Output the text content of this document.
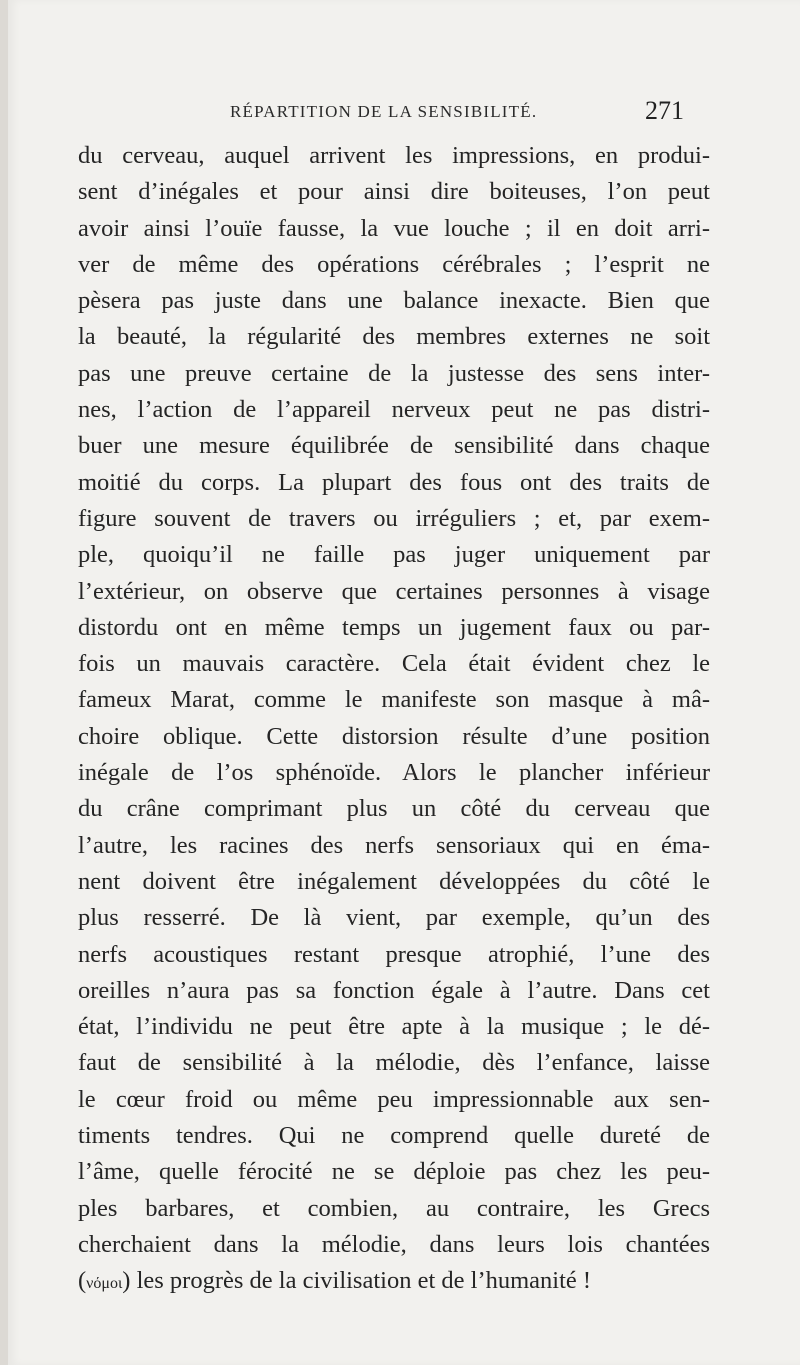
RÉPARTITION DE LA SENSIBILITÉ.	271
du cerveau, auquel arrivent les impressions, en produi-
sent d’inégales et pour ainsi dire boiteuses, l’on peut
avoir ainsi l’ouïe fausse, la vue louche ; il en doit arri-
ver de même des opérations cérébrales ; l’esprit ne
pèsera pas juste dans une balance inexacte. Bien que
la beauté, la régularité des membres externes ne soit
pas une preuve certaine de la justesse des sens inter-
nes, l’action de l’appareil nerveux peut ne pas distri-
buer une mesure équilibrée de sensibilité dans chaque
moitié du corps. La plupart des fous ont des traits de
figure souvent de travers ou irréguliers ; et, par exem-
ple, quoiqu’il ne faille pas juger uniquement par
l’extérieur, on observe que certaines personnes à visage
distordu ont en même temps un jugement faux ou par-
fois un mauvais caractère. Cela était évident chez le
fameux Marat, comme le manifeste son masque à mâ-
choire oblique. Cette distorsion résulte d’une position
inégale de l’os sphénoïde. Alors le plancher inférieur
du crâne comprimant plus un côté du cerveau que
l’autre, les racines des nerfs sensoriaux qui en éma-
nent doivent être inégalement développées du côté le
plus resserré. De là vient, par exemple, qu’un des
nerfs acoustiques restant presque atrophié, l’une des
oreilles n’aura pas sa fonction égale à l’autre. Dans cet
état, l’individu ne peut être apte à la musique ; le dé-
faut de sensibilité à la mélodie, dès l’enfance, laisse
le cœur froid ou même peu impressionnable aux sen-
timents tendres. Qui ne comprend quelle dureté de
l’âme, quelle férocité ne se déploie pas chez les peu-
ples barbares, et combien, au contraire, les Grecs
cherchaient dans la mélodie, dans leurs lois chantées
(νόμοι) les progrès de la civilisation et de l’humanité !
